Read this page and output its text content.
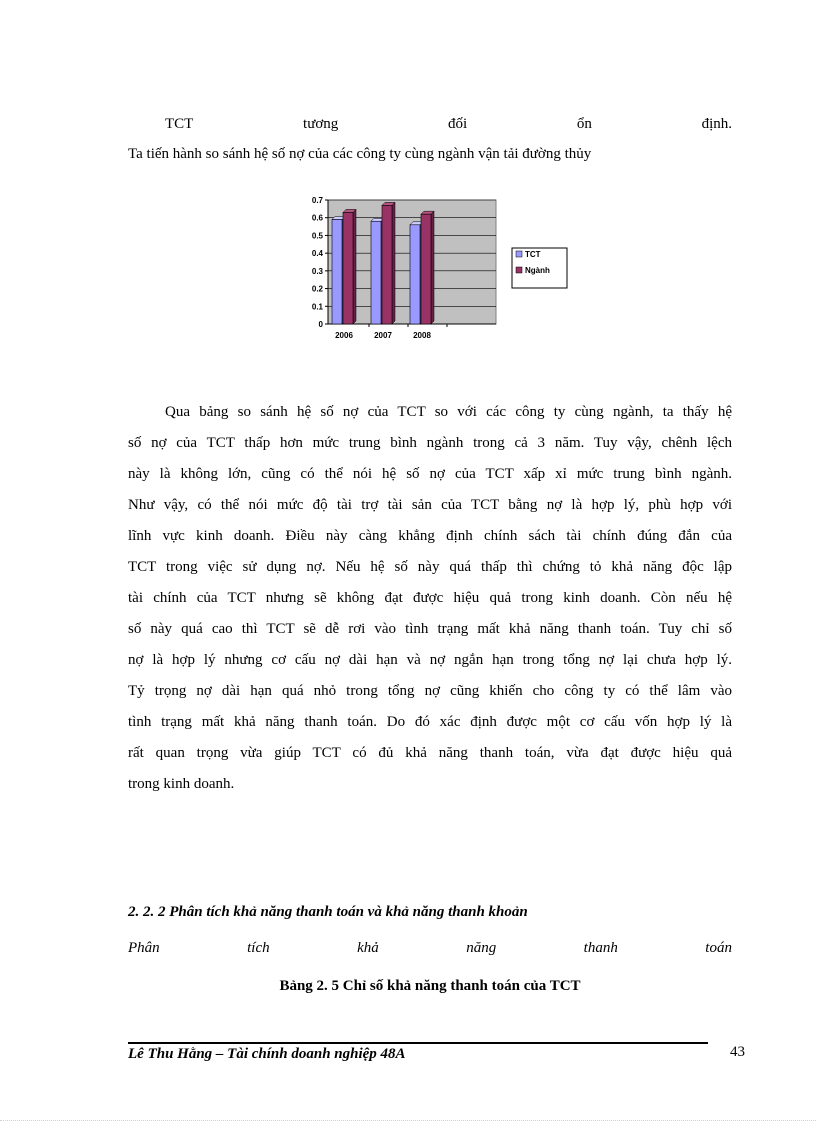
TCT	tương	đối	ổn	định.
Ta tiến hành so sánh hệ số nợ của các công ty cùng ngành vận tải đường thủy
0
0.1
0.2
0.3
0.4
0.5
0.6
0.7
2006	2007	2008
TCT
Ngành
Qua bảng so sánh hệ số nợ của TCT so với các công ty cùng ngành, ta thấy hệ
số nợ của TCT thấp hơn mức trung bình ngành trong cả 3 năm. Tuy vậy, chênh lệch
này là không lớn, cũng có thể nói hệ số nợ của TCT xấp xỉ mức trung bình ngành.
Như vậy, có thể nói mức độ tài trợ tài sản của TCT bằng nợ là hợp lý, phù hợp với
lĩnh vực kinh doanh. Điều này càng khẳng định chính sách tài chính đúng đắn của
TCT trong việc sử dụng nợ. Nếu hệ số này quá thấp thì chứng tỏ khả năng độc lập
tài chính của TCT nhưng sẽ không đạt được hiệu quả trong kinh doanh. Còn nếu hệ
số này quá cao thì TCT sẽ dễ rơi vào tình trạng mất khả năng thanh toán. Tuy chỉ số
nợ là hợp lý nhưng cơ cấu nợ dài hạn và nợ ngắn hạn trong tổng nợ lại chưa hợp lý.
Tỷ trọng nợ dài hạn quá nhỏ trong tổng nợ cũng khiến cho công ty có thể lâm vào
tình trạng mất khả năng thanh toán. Do đó xác định được một cơ cấu vốn hợp lý là
rất quan trọng vừa giúp TCT có đủ khả năng thanh toán, vừa đạt được hiệu quả
trong kinh doanh.
2. 2. 2 Phân tích khả năng thanh toán và khả năng thanh khoản
Phân	tích	khả	năng	thanh	toán
Bảng 2. 5 Chỉ số khả năng thanh toán của TCT
Lê Thu Hằng – Tài chính doanh nghiệp 48A	43
